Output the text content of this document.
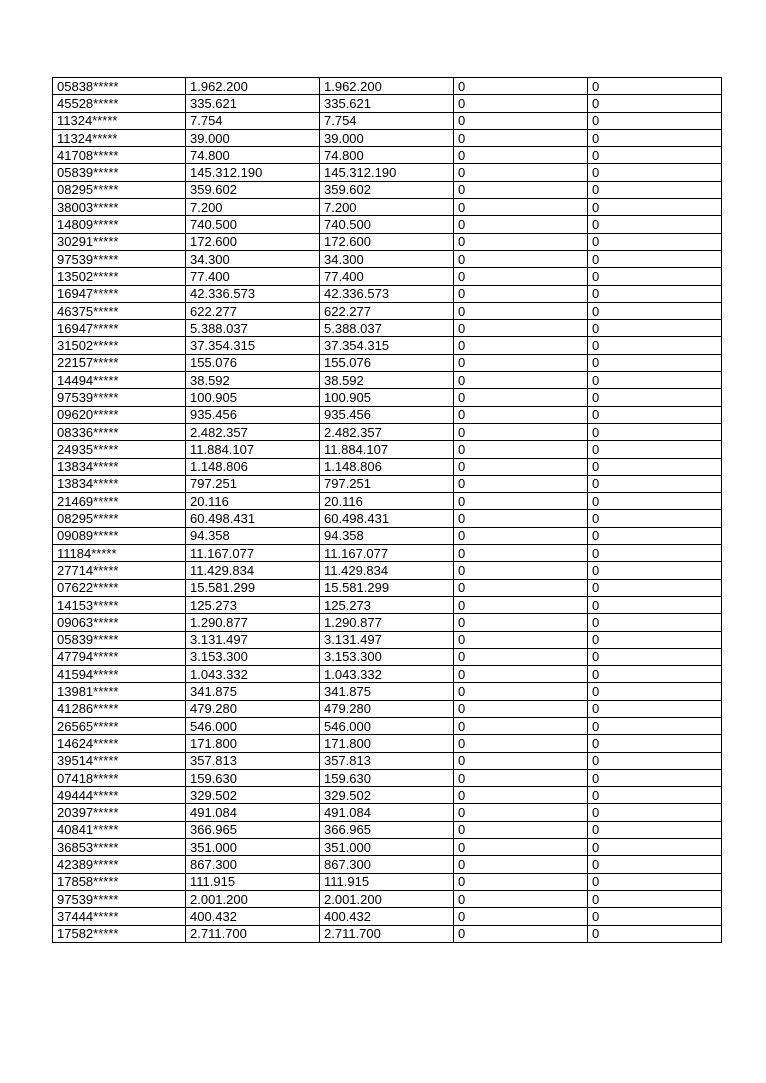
05838*****	1.962.200	1.962.200	0	0
45528*****	335.621	335.621	0	0
11324*****	7.754	7.754	0	0
11324*****	39.000	39.000	0	0
41708*****	74.800	74.800	0	0
05839*****	145.312.190	145.312.190	0	0
08295*****	359.602	359.602	0	0
38003*****	7.200	7.200	0	0
14809*****	740.500	740.500	0	0
30291*****	172.600	172.600	0	0
97539*****	34.300	34.300	0	0
13502*****	77.400	77.400	0	0
16947*****	42.336.573	42.336.573	0	0
46375*****	622.277	622.277	0	0
16947*****	5.388.037	5.388.037	0	0
31502*****	37.354.315	37.354.315	0	0
22157*****	155.076	155.076	0	0
14494*****	38.592	38.592	0	0
97539*****	100.905	100.905	0	0
09620*****	935.456	935.456	0	0
08336*****	2.482.357	2.482.357	0	0
24935*****	11.884.107	11.884.107	0	0
13834*****	1.148.806	1.148.806	0	0
13834*****	797.251	797.251	0	0
21469*****	20.116	20.116	0	0
08295*****	60.498.431	60.498.431	0	0
09089*****	94.358	94.358	0	0
11184*****	11.167.077	11.167.077	0	0
27714*****	11.429.834	11.429.834	0	0
07622*****	15.581.299	15.581.299	0	0
14153*****	125.273	125.273	0	0
09063*****	1.290.877	1.290.877	0	0
05839*****	3.131.497	3.131.497	0	0
47794*****	3.153.300	3.153.300	0	0
41594*****	1.043.332	1.043.332	0	0
13981*****	341.875	341.875	0	0
41286*****	479.280	479.280	0	0
26565*****	546.000	546.000	0	0
14624*****	171.800	171.800	0	0
39514*****	357.813	357.813	0	0
07418*****	159.630	159.630	0	0
49444*****	329.502	329.502	0	0
20397*****	491.084	491.084	0	0
40841*****	366.965	366.965	0	0
36853*****	351.000	351.000	0	0
42389*****	867.300	867.300	0	0
17858*****	111.915	111.915	0	0
97539*****	2.001.200	2.001.200	0	0
37444*****	400.432	400.432	0	0
17582*****	2.711.700	2.711.700	0	0
